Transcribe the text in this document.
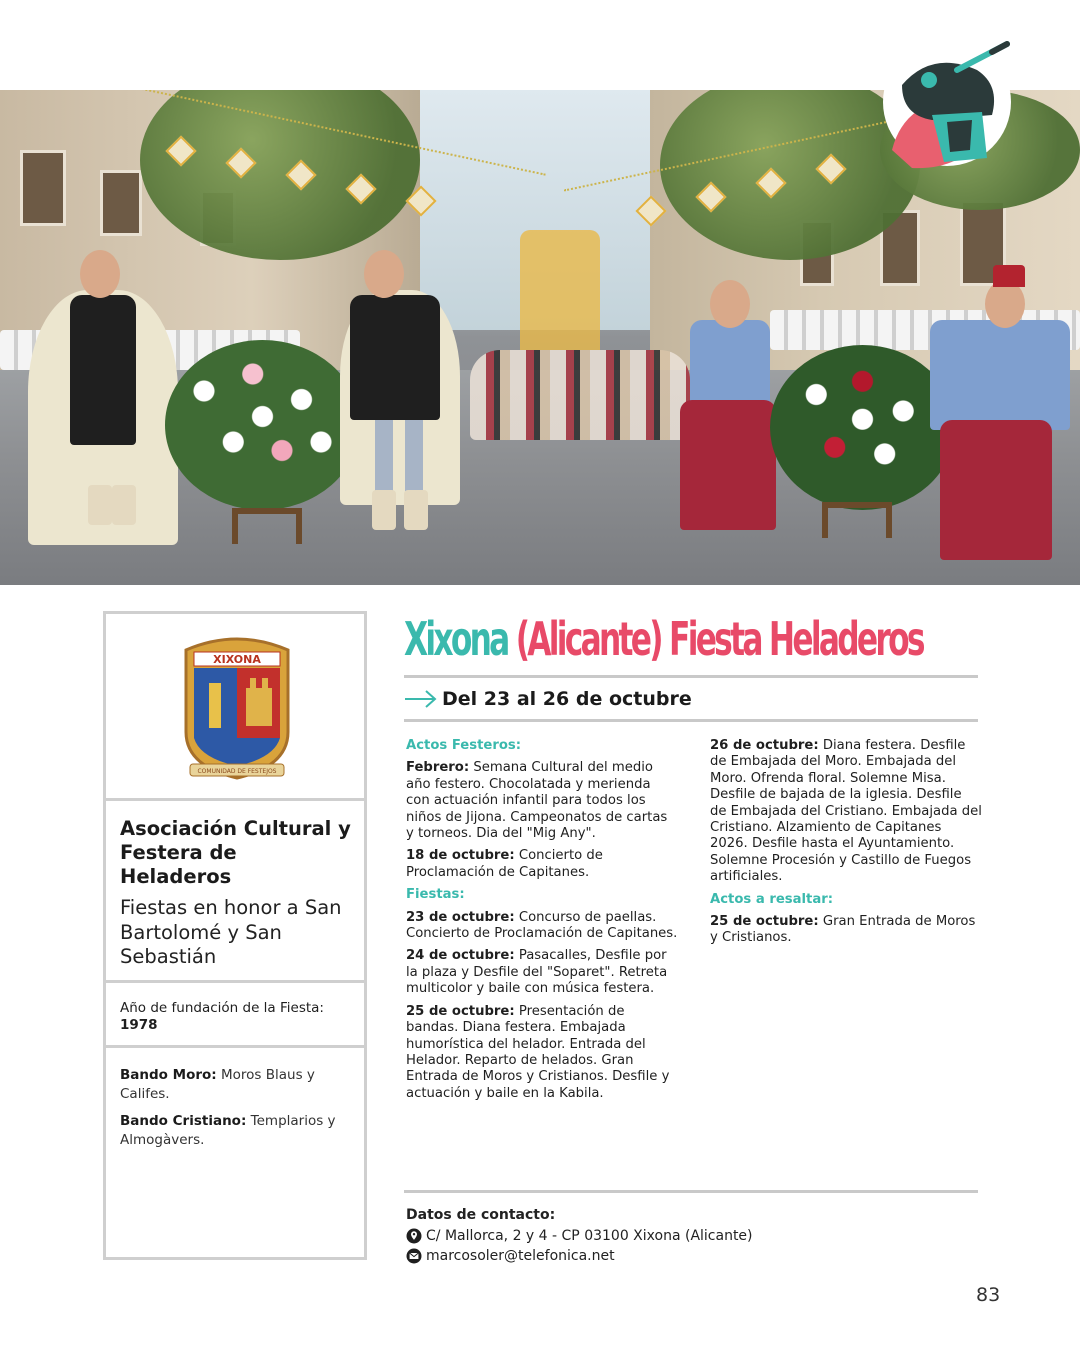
XIXONA
COMUNIDAD DE FESTEJOS
Asociación Cultural y Festera de Heladeros
Fiestas en honor a San Bartolomé y San Sebastián
Año de fundación de la Fiesta: 1978

Bando Moro: Moros Blaus y Califes.

Bando Cristiano: Templarios y Almogàvers.

Xixona (Alicante) Fiesta Heladeros
Del 23 al 26 de octubre
Actos Festeros:
Febrero: Semana Cultural del medio año festero. Chocolatada y merienda con actuación infantil para todos los niños de Jijona. Campeonatos de cartas y torneos. Dia del "Mig Any".
18 de octubre: Concierto de Proclamación de Capitanes.
Fiestas:
23 de octubre: Concurso de paellas. Concierto de Proclamación de Capitanes.
24 de octubre: Pasacalles, Desfile por la plaza y Desfile del "Soparet". Retreta multicolor y baile con música festera.
25 de octubre: Presentación de bandas. Diana festera. Embajada humorística del helador. Entrada del Helador. Reparto de helados. Gran Entrada de Moros y Cristianos. Desfile y actuación y baile en la Kabila.
26 de octubre: Diana festera. Desfile de Embajada del Moro. Embajada del Moro. Ofrenda floral. Solemne Misa. Desfile de bajada de la iglesia. Desfile de Embajada del Cristiano. Embajada del Cristiano. Alzamiento de Capitanes 2026. Desfile hasta el Ayuntamiento. Solemne Procesión y Castillo de Fuegos artificiales.
Actos a resaltar:
25 de octubre: Gran Entrada de Moros y Cristianos.
Datos de contacto:
C/ Mallorca, 2 y 4 - CP 03100 Xixona (Alicante)
marcosoler@telefonica.net
83
